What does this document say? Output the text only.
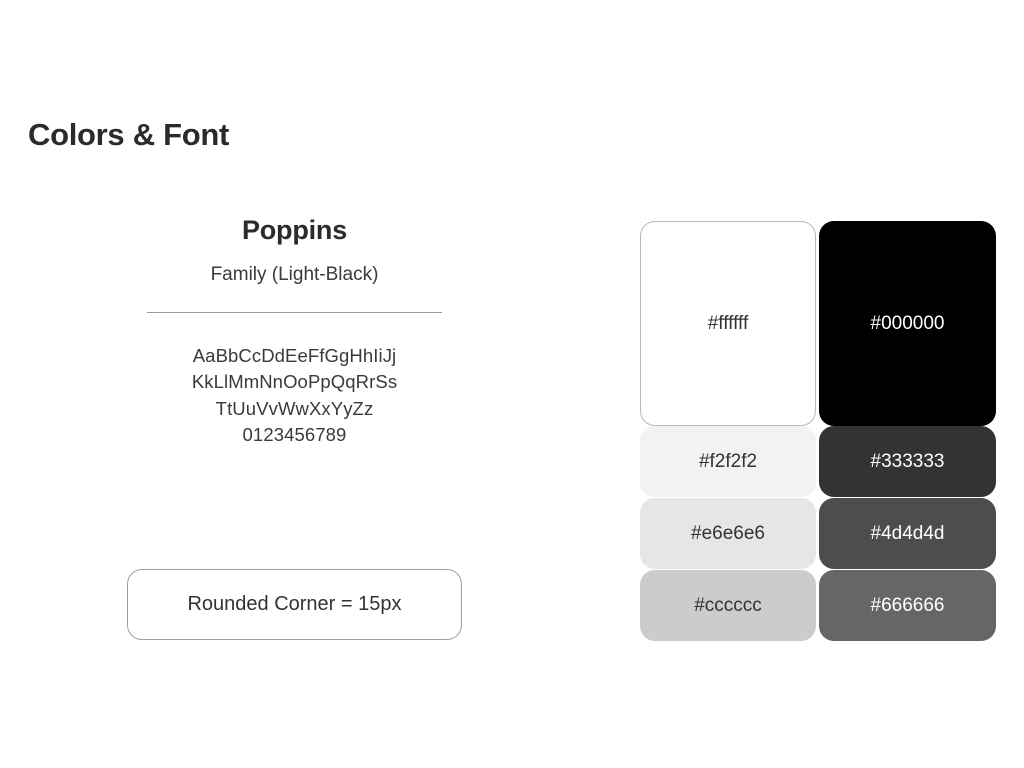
Colors & Font
Poppins
Family (Light-Black)
AaBbCcDdEeFfGgHhIiJj
KkLlMmNnOoPpQqRrSs
TtUuVvWwXxYyZz
0123456789
Rounded Corner = 15px
#ffffff
#f2f2f2
#e6e6e6
#cccccc
#000000
#333333
#4d4d4d
#666666
